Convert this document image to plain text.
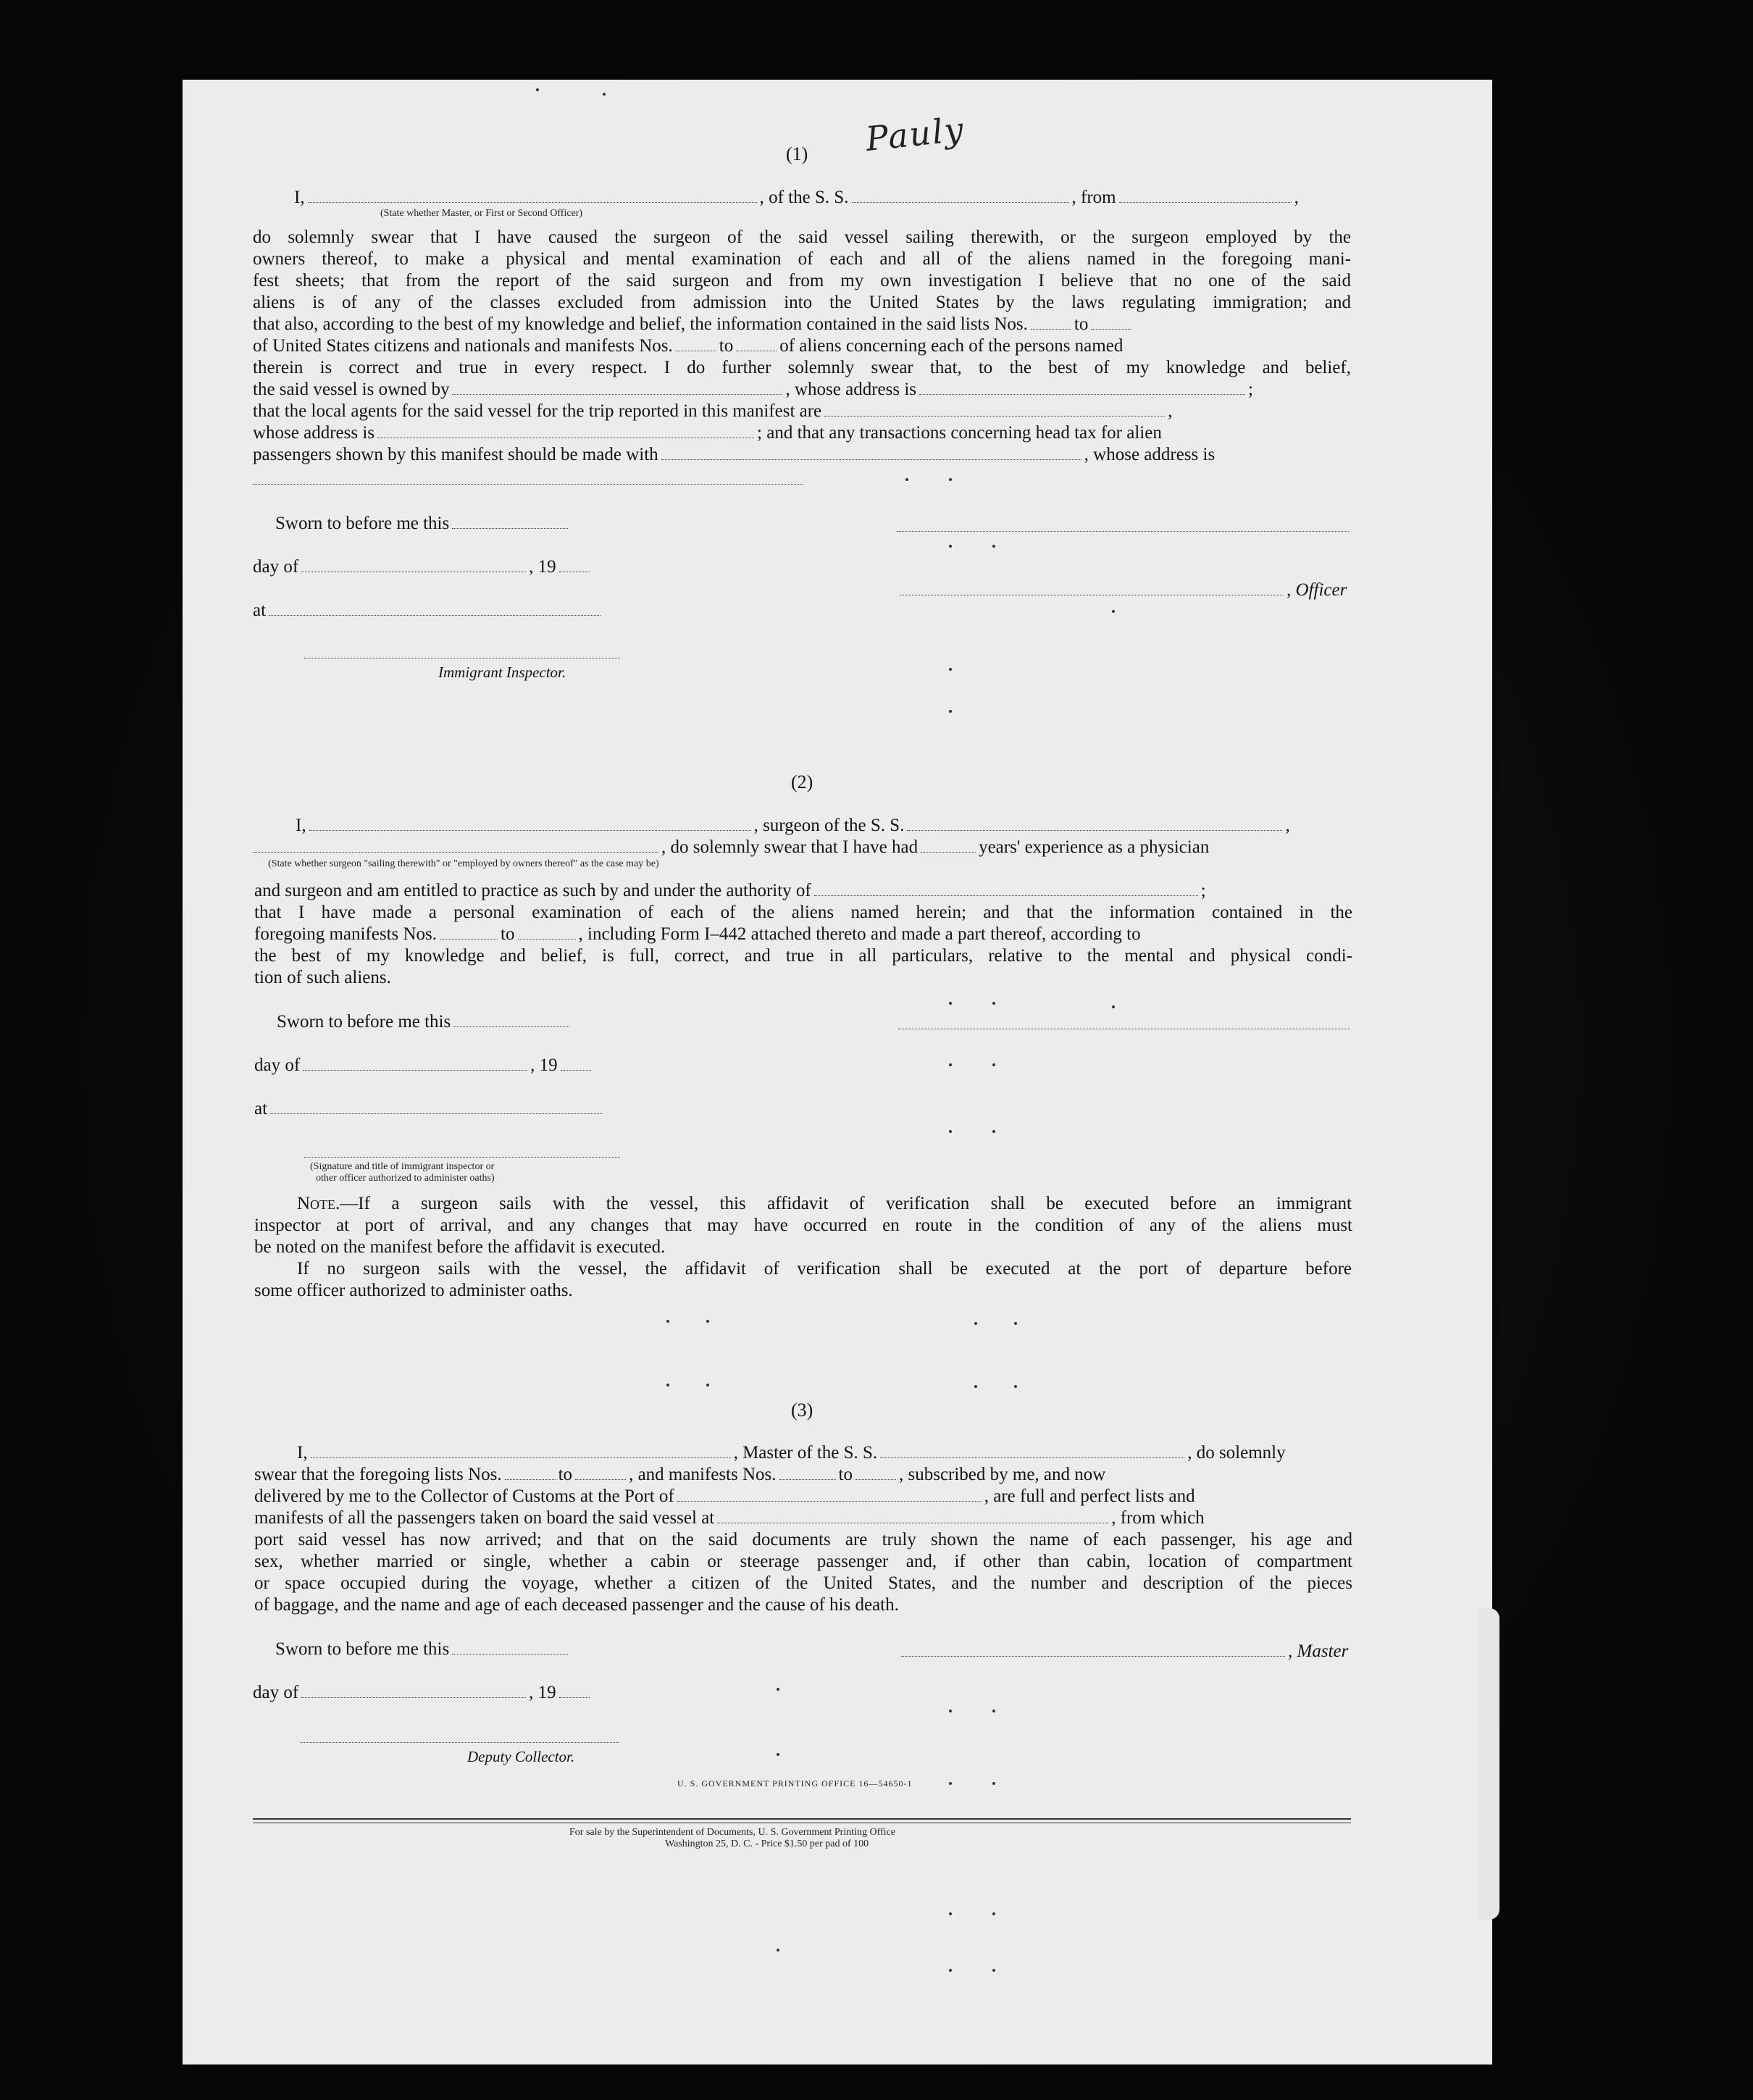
Pauly
(1)
I,	, of the S. S.	, from	,
(State whether Master, or First or Second Officer)
do solemnly swear that I have caused the surgeon of the said vessel sailing therewith, or the surgeon employed by the
owners thereof, to make a physical and mental examination of each and all of the aliens named in the foregoing mani-
fest sheets; that from the report of the said surgeon and from my own investigation I believe that no one of the said
aliens is of any of the classes excluded from admission into the United States by the laws regulating immigration; and
that also, according to the best of my knowledge and belief, the information contained in the said lists Nos.	to
of United States citizens and nationals and manifests Nos.	to	of aliens concerning each of the persons named
therein is correct and true in every respect. I do further solemnly swear that, to the best of my knowledge and belief,
the said vessel is owned by	, whose address is	;
that the local agents for the said vessel for the trip reported in this manifest are	,
whose address is	; and that any transactions concerning head tax for alien
passengers shown by this manifest should be made with	, whose address is
Sworn to before me this
day of	, 19
at
, Officer
Immigrant Inspector.
(2)
I,	, surgeon of the S. S.	,
, do solemnly swear that I have had	years' experience as a physician
(State whether surgeon "sailing therewith" or "employed by owners thereof" as the case may be)
and surgeon and am entitled to practice as such by and under the authority of	;
that I have made a personal examination of each of the aliens named herein; and that the information contained in the
foregoing manifests Nos.	to	, including Form I–442 attached thereto and made a part thereof, according to
the best of my knowledge and belief, is full, correct, and true in all particulars, relative to the mental and physical condi-
tion of such aliens.
Sworn to before me this
day of	, 19
at
(Signature and title of immigrant inspector or
other officer authorized to administer oaths)
Note.—If a surgeon sails with the vessel, this affidavit of verification shall be executed before an immigrant
inspector at port of arrival, and any changes that may have occurred en route in the condition of any of the aliens must
be noted on the manifest before the affidavit is executed.
If no surgeon sails with the vessel, the affidavit of verification shall be executed at the port of departure before
some officer authorized to administer oaths.
(3)
I,	, Master of the S. S.	, do solemnly
swear that the foregoing lists Nos.	to	, and manifests Nos.	to	, subscribed by me, and now
delivered by me to the Collector of Customs at the Port of	, are full and perfect lists and
manifests of all the passengers taken on board the said vessel at	, from which
port said vessel has now arrived; and that on the said documents are truly shown the name of each passenger, his age and
sex, whether married or single, whether a cabin or steerage passenger and, if other than cabin, location of compartment
or space occupied during the voyage, whether a citizen of the United States, and the number and description of the pieces
of baggage, and the name and age of each deceased passenger and the cause of his death.
Sworn to before me this
day of	, 19
, Master
Deputy Collector.
U. S. GOVERNMENT PRINTING OFFICE 16—54650-1
For sale by the Superintendent of Documents, U. S. Government Printing Office
Washington 25, D. C. - Price $1.50 per pad of 100
